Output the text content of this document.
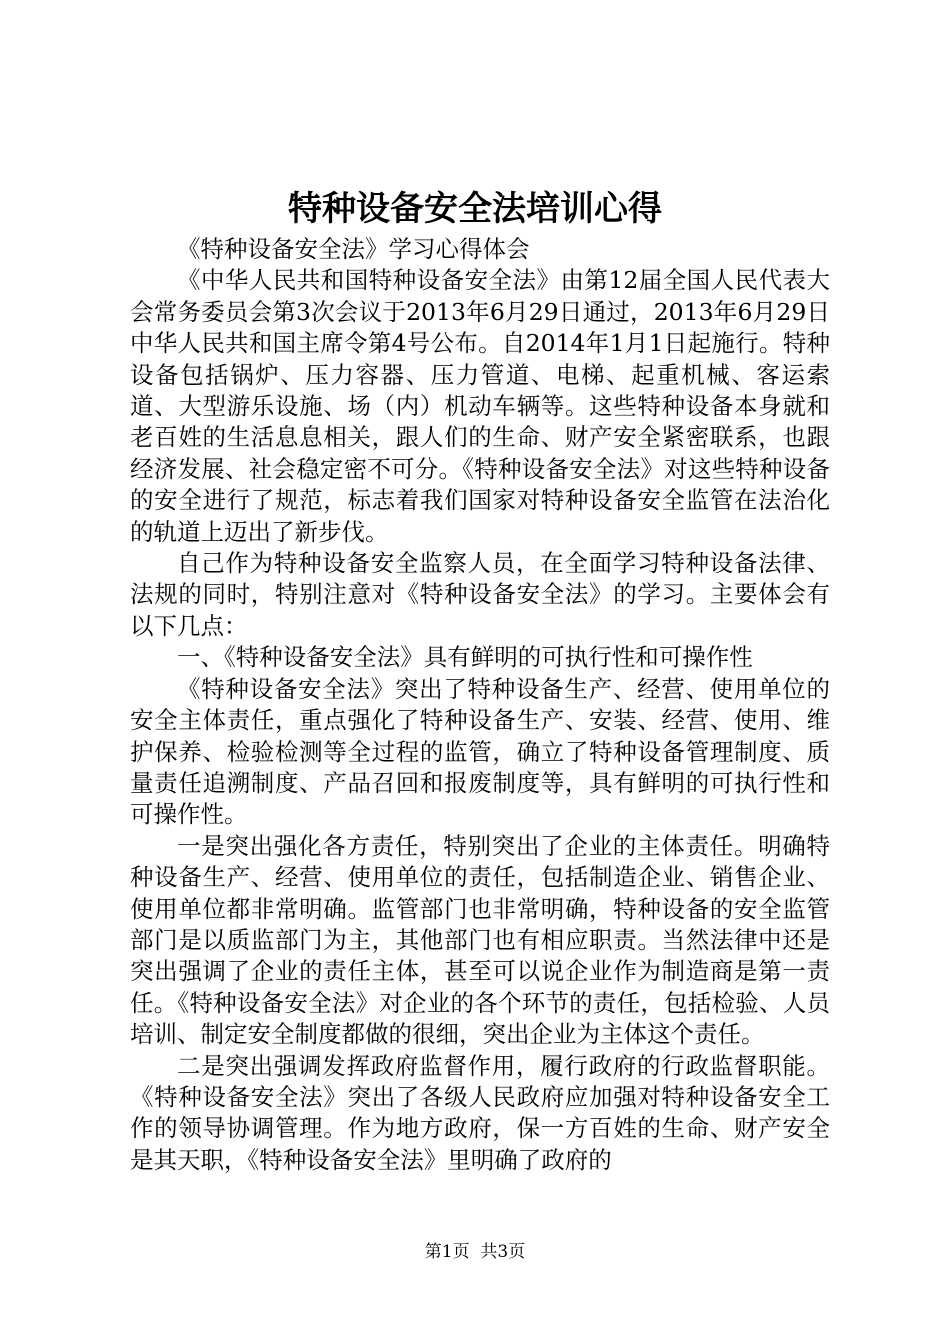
特种设备安全法培训心得

《特种设备安全法》学习心得体会

《中华人民共和国特种设备安全法》由第12届全国人民代表大会常务委员会第3次会议于2013年6月29日通过，2013年6月29日中华人民共和国主席令第4号公布。自2014年1月1日起施行。特种设备包括锅炉、压力容器、压力管道、电梯、起重机械、客运索道、大型游乐设施、场（内）机动车辆等。这些特种设备本身就和老百姓的生活息息相关，跟人们的生命、财产安全紧密联系，也跟经济发展、社会稳定密不可分。《特种设备安全法》对这些特种设备的安全进行了规范，标志着我们国家对特种设备安全监管在法治化的轨道上迈出了新步伐。

自己作为特种设备安全监察人员，在全面学习特种设备法律、法规的同时，特别注意对《特种设备安全法》的学习。主要体会有以下几点：

一、《特种设备安全法》具有鲜明的可执行性和可操作性

《特种设备安全法》突出了特种设备生产、经营、使用单位的安全主体责任，重点强化了特种设备生产、安装、经营、使用、维护保养、检验检测等全过程的监管，确立了特种设备管理制度、质量责任追溯制度、产品召回和报废制度等，具有鲜明的可执行性和可操作性。

一是突出强化各方责任，特别突出了企业的主体责任。明确特种设备生产、经营、使用单位的责任，包括制造企业、销售企业、使用单位都非常明确。监管部门也非常明确，特种设备的安全监管部门是以质监部门为主，其他部门也有相应职责。当然法律中还是突出强调了企业的责任主体，甚至可以说企业作为制造商是第一责任。《特种设备安全法》对企业的各个环节的责任，包括检验、人员培训、制定安全制度都做的很细，突出企业为主体这个责任。

二是突出强调发挥政府监督作用，履行政府的行政监督职能。《特种设备安全法》突出了各级人民政府应加强对特种设备安全工作的领导协调管理。作为地方政府，保一方百姓的生命、财产安全是其天职，《特种设备安全法》里明确了政府的

第1页  共3页
